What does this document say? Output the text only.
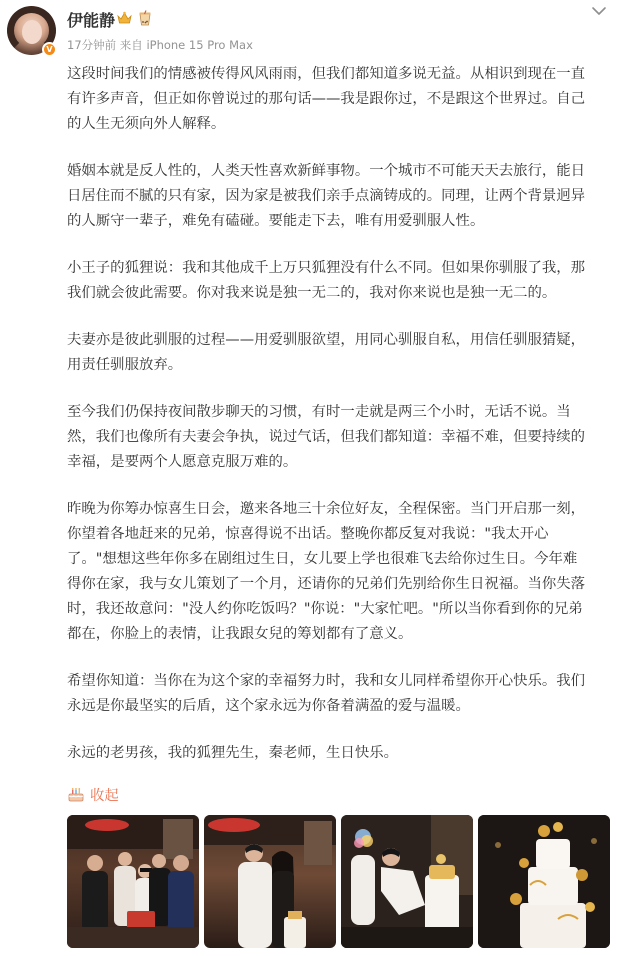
V
伊能静
17分钟前 来自 iPhone 15 Pro Max
这段时间我们的情感被传得风风雨雨，但我们都知道多说无益。从相识到现在一直
有许多声音，但正如你曾说过的那句话——我是跟你过，不是跟这个世界过。自己
的人生无须向外人解释。
婚姻本就是反人性的，人类天性喜欢新鲜事物。一个城市不可能天天去旅行，能日
日居住而不腻的只有家，因为家是被我们亲手点滴铸成的。同理，让两个背景迥异
的人厮守一辈子，难免有磕碰。要能走下去，唯有用爱驯服人性。
小王子的狐狸说：我和其他成千上万只狐狸没有什么不同。但如果你驯服了我，那
我们就会彼此需要。你对我来说是独一无二的，我对你来说也是独一无二的。
夫妻亦是彼此驯服的过程——用爱驯服欲望，用同心驯服自私，用信任驯服猜疑，
用责任驯服放弃。
至今我们仍保持夜间散步聊天的习惯，有时一走就是两三个小时，无话不说。当
然，我们也像所有夫妻会争执，说过气话，但我们都知道：幸福不难，但要持续的
幸福，是要两个人愿意克服万难的。
昨晚为你筹办惊喜生日会，邀来各地三十余位好友，全程保密。当门开启那一刻，
你望着各地赶来的兄弟，惊喜得说不出话。整晚你都反复对我说："我太开心
了。"想想这些年你多在剧组过生日，女儿要上学也很难飞去给你过生日。今年难
得你在家，我与女儿策划了一个月，还请你的兄弟们先别给你生日祝福。当你失落
时，我还故意问："没人约你吃饭吗？"你说："大家忙吧。"所以当你看到你的兄弟
都在，你脸上的表情，让我跟女兒的筹划都有了意义。
希望你知道：当你在为这个家的幸福努力时，我和女儿同样希望你开心快乐。我们
永远是你最坚实的后盾，这个家永远为你备着满盈的爱与温暖。
永远的老男孩，我的狐狸先生，秦老师，生日快乐。
收起
